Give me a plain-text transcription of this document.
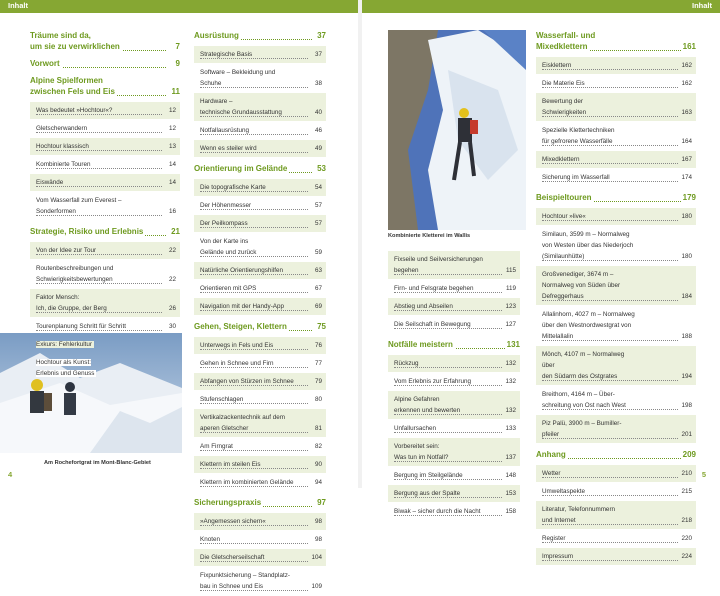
Inhalt	Inhalt
Träume sind da,
um sie zu verwirklichen	7
Vorwort	9
Alpine Spielformen
zwischen Fels und Eis	11
Was bedeutet »Hochtour«?	12
Gletscherwandern	12
Hochtour klassisch	13
Kombinierte Touren	14
Eiswände	14
Vom Wasserfall zum Everest –
Sonderformen	16
Strategie, Risiko und Erlebnis	21
Von der Idee zur Tour	22
Routenbeschreibungen und
Schwierigkeitsbewertungen	22
Faktor Mensch:
Ich, die Gruppe, der Berg	26
Tourenplanung Schritt für Schritt	30
Exkurs: Fehlerkultur
Hochtour als Kunst:
Erlebnis und Genuss
Ausrüstung	37
Strategische Basis	37
Software – Bekleidung und
Schuhe	38
Hardware –
technische Grundausstattung	40
Notfallausrüstung	46
Wenn es steiler wird	49
Orientierung im Gelände	53
Die topografische Karte	54
Der Höhenmesser	57
Der Peilkompass	57
Von der Karte ins
Gelände und zurück	59
Natürliche Orientierungshilfen	63
Orientieren mit GPS	67
Navigation mit der Handy-App	69
Gehen, Steigen, Klettern	75
Unterwegs in Fels und Eis	76
Gehen in Schnee und Firn	77
Abfangen von Stürzen im Schnee	79
Stufenschlagen	80
Vertikalzackentechnik auf dem
aperen Gletscher	81
Am Firngrat	82
Klettern im steilen Eis	90
Klettern im kombinierten Gelände	94
Sicherungspraxis	97
»Angemessen sichern«	98
Knoten	98
Die Gletscherseilschaft	104
Fixpunktsicherung – Standplatz-
bau in Schnee und Eis	109
Fixseile und Seilversicherungen
begehen	115
Firn- und Felsgrate begehen	119
Abstieg und Abseilen	123
Die Seilschaft in Bewegung	127
Notfälle meistern	131
Rückzug	132
Vom Erlebnis zur Erfahrung	132
Alpine Gefahren
erkennen und bewerten	132
Unfallursachen	133
Vorbereitet sein:
Was tun im Notfall?	137
Bergung im Steilgelände	148
Bergung aus der Spalte	153
Biwak – sicher durch die Nacht	158
Wasserfall- und
Mixedklettern	161
Eisklettern	162
Die Materie Eis	162
Bewertung der
Schwierigkeiten	163
Spezielle Klettertechniken
für gefrorene Wasserfälle	164
Mixedklettern	167
Sicherung im Wasserfall	174
Beispieltouren	179
Hochtour »live«	180
Similaun, 3599 m – Normalweg
von Westen über das Niederjoch
(Similaunhütte)	180
Großvenediger, 3674 m –
Normalweg von Süden über
Defreggerhaus	184
Allalinhorn, 4027 m – Normalweg
über den Westnordwestgrat von
Mittelallalin	188
Mönch, 4107 m – Normalweg
über
den Südarm des Ostgrates	194
Breithorn, 4164 m – Über-
schreitung von Ost nach West	198
Piz Palü, 3900 m – Bumiller-
pfeiler	201
Anhang	209
Wetter	210
Umweltaspekte	215
Literatur, Telefonnummern
und Internet	218
Register	220
Impressum	224
Am Rochefortgrat im Mont-Blanc-Gebiet
Kombinierte Kletterei im Wallis
4	5
